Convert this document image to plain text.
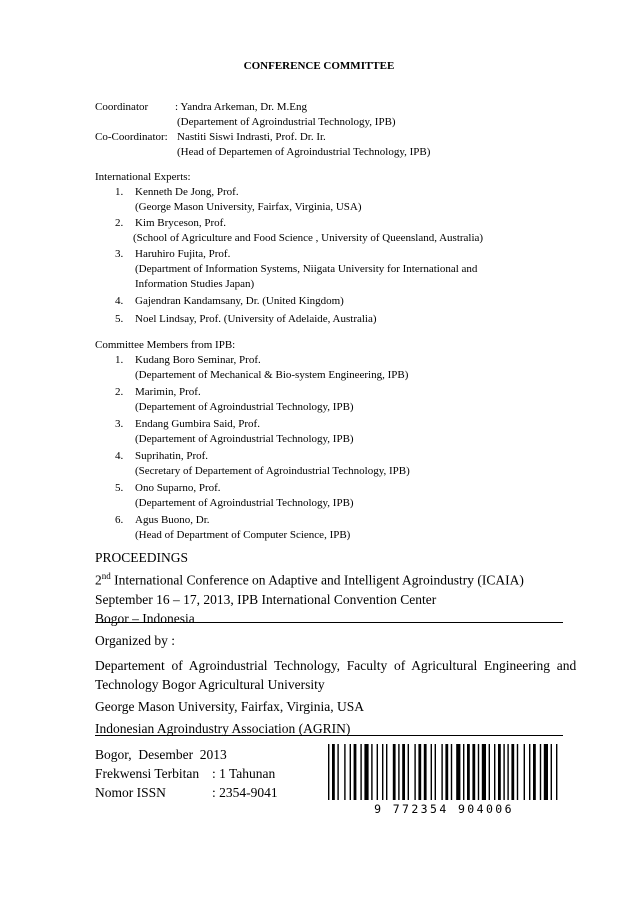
CONFERENCE COMMITTEE
Coordinator : Yandra Arkeman, Dr. M.Eng
(Departement of Agroindustrial Technology, IPB)
Co-Coordinator: Nastiti Siswi Indrasti, Prof. Dr. Ir.
(Head of Departemen of Agroindustrial Technology, IPB)
International Experts:
1.	Kenneth De Jong, Prof.
(George Mason University, Fairfax, Virginia, USA)
2.	Kim Bryceson, Prof.
(School of Agriculture and Food Science , University of Queensland, Australia)
3.	Haruhiro Fujita, Prof.
(Department of Information Systems, Niigata University for International and
Information Studies Japan)
4.	Gajendran Kandamsany, Dr. (United Kingdom)
5.	Noel Lindsay, Prof. (University of Adelaide, Australia)
Committee Members from IPB:
1.	Kudang Boro Seminar, Prof.
(Departement of Mechanical & Bio-system Engineering, IPB)
2.	Marimin, Prof.
(Departement of Agroindustrial Technology, IPB)
3.	Endang Gumbira Said, Prof.
(Departement of Agroindustrial Technology, IPB)
4.	Suprihatin, Prof.
(Secretary of Departement of Agroindustrial Technology, IPB)
5.	Ono Suparno, Prof.
(Departement of Agroindustrial Technology, IPB)
6.	Agus Buono, Dr.
(Head of Department of Computer Science, IPB)
PROCEEDINGS
2nd International Conference on Adaptive and Intelligent Agroindustry (ICAIA)
September 16 – 17, 2013, IPB International Convention Center
Bogor – Indonesia
Organized by :
Departement  of  Agroindustrial  Technology,  Faculty  of  Agricultural  Engineering  and
Technology Bogor Agricultural University
George Mason University, Fairfax, Virginia, USA
Indonesian Agroindustry Association (AGRIN)
Bogor,  Desember  2013
Frekwensi Terbitan : 1 Tahunan
Nomor ISSN	: 2354-9041
9 772354 904006
